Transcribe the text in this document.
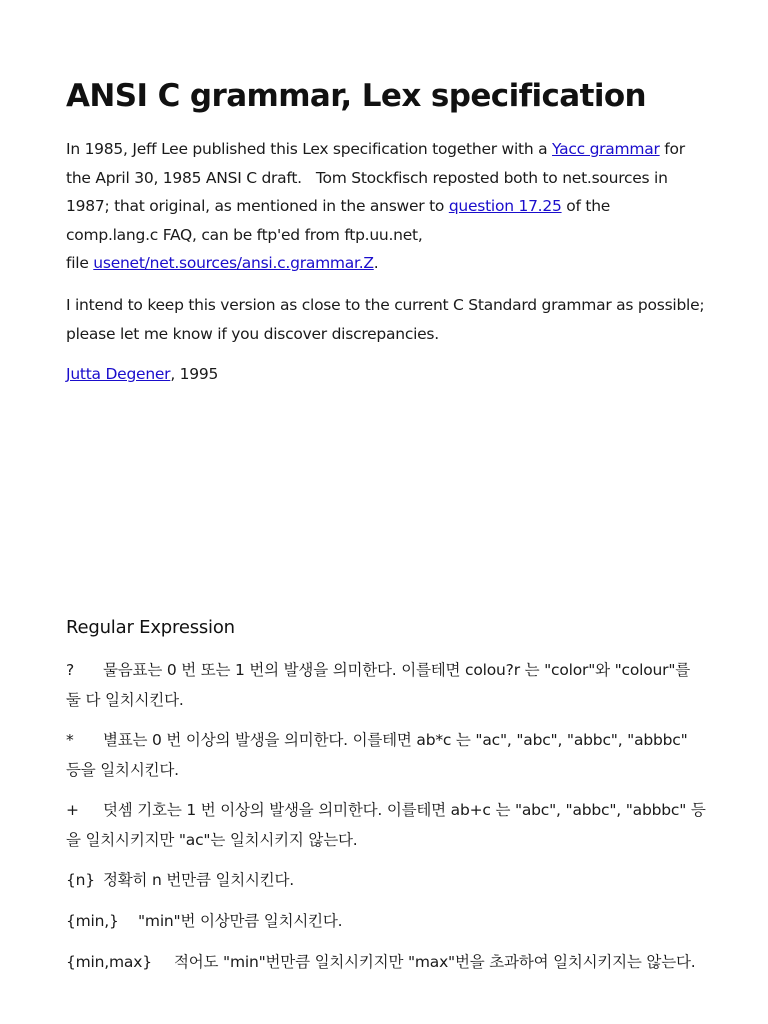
ANSI C grammar, Lex specification

In 1985, Jeff Lee published this Lex specification together with a Yacc grammar for the April 30, 1985 ANSI C draft.   Tom Stockfisch reposted both to net.sources in 1987; that original, as mentioned in the answer to question 17.25 of the comp.lang.c FAQ, can be ftp'ed from ftp.uu.net,
file usenet/net.sources/ansi.c.grammar.Z.

I intend to keep this version as close to the current C Standard grammar as possible; please let me know if you discover discrepancies.

Jutta Degener, 1995

Regular Expression

? 물음표는 0 번 또는 1 번의 발생을 의미한다. 이를테면 colou?r 는 "color"와 "colour"를 둘 다 일치시킨다.

* 별표는 0 번 이상의 발생을 의미한다. 이를테면 ab*c 는 "ac", "abc", "abbc", "abbbc" 등을 일치시킨다.

+ 덧셈 기호는 1 번 이상의 발생을 의미한다. 이를테면 ab+c 는 "abc", "abbc", "abbbc" 등을 일치시키지만 "ac"는 일치시키지 않는다.

{n} 정확히 n 번만큼 일치시킨다.

{min,} "min"번 이상만큼 일치시킨다.

{min,max} 적어도 "min"번만큼 일치시키지만 "max"번을 초과하여 일치시키지는 않는다.
